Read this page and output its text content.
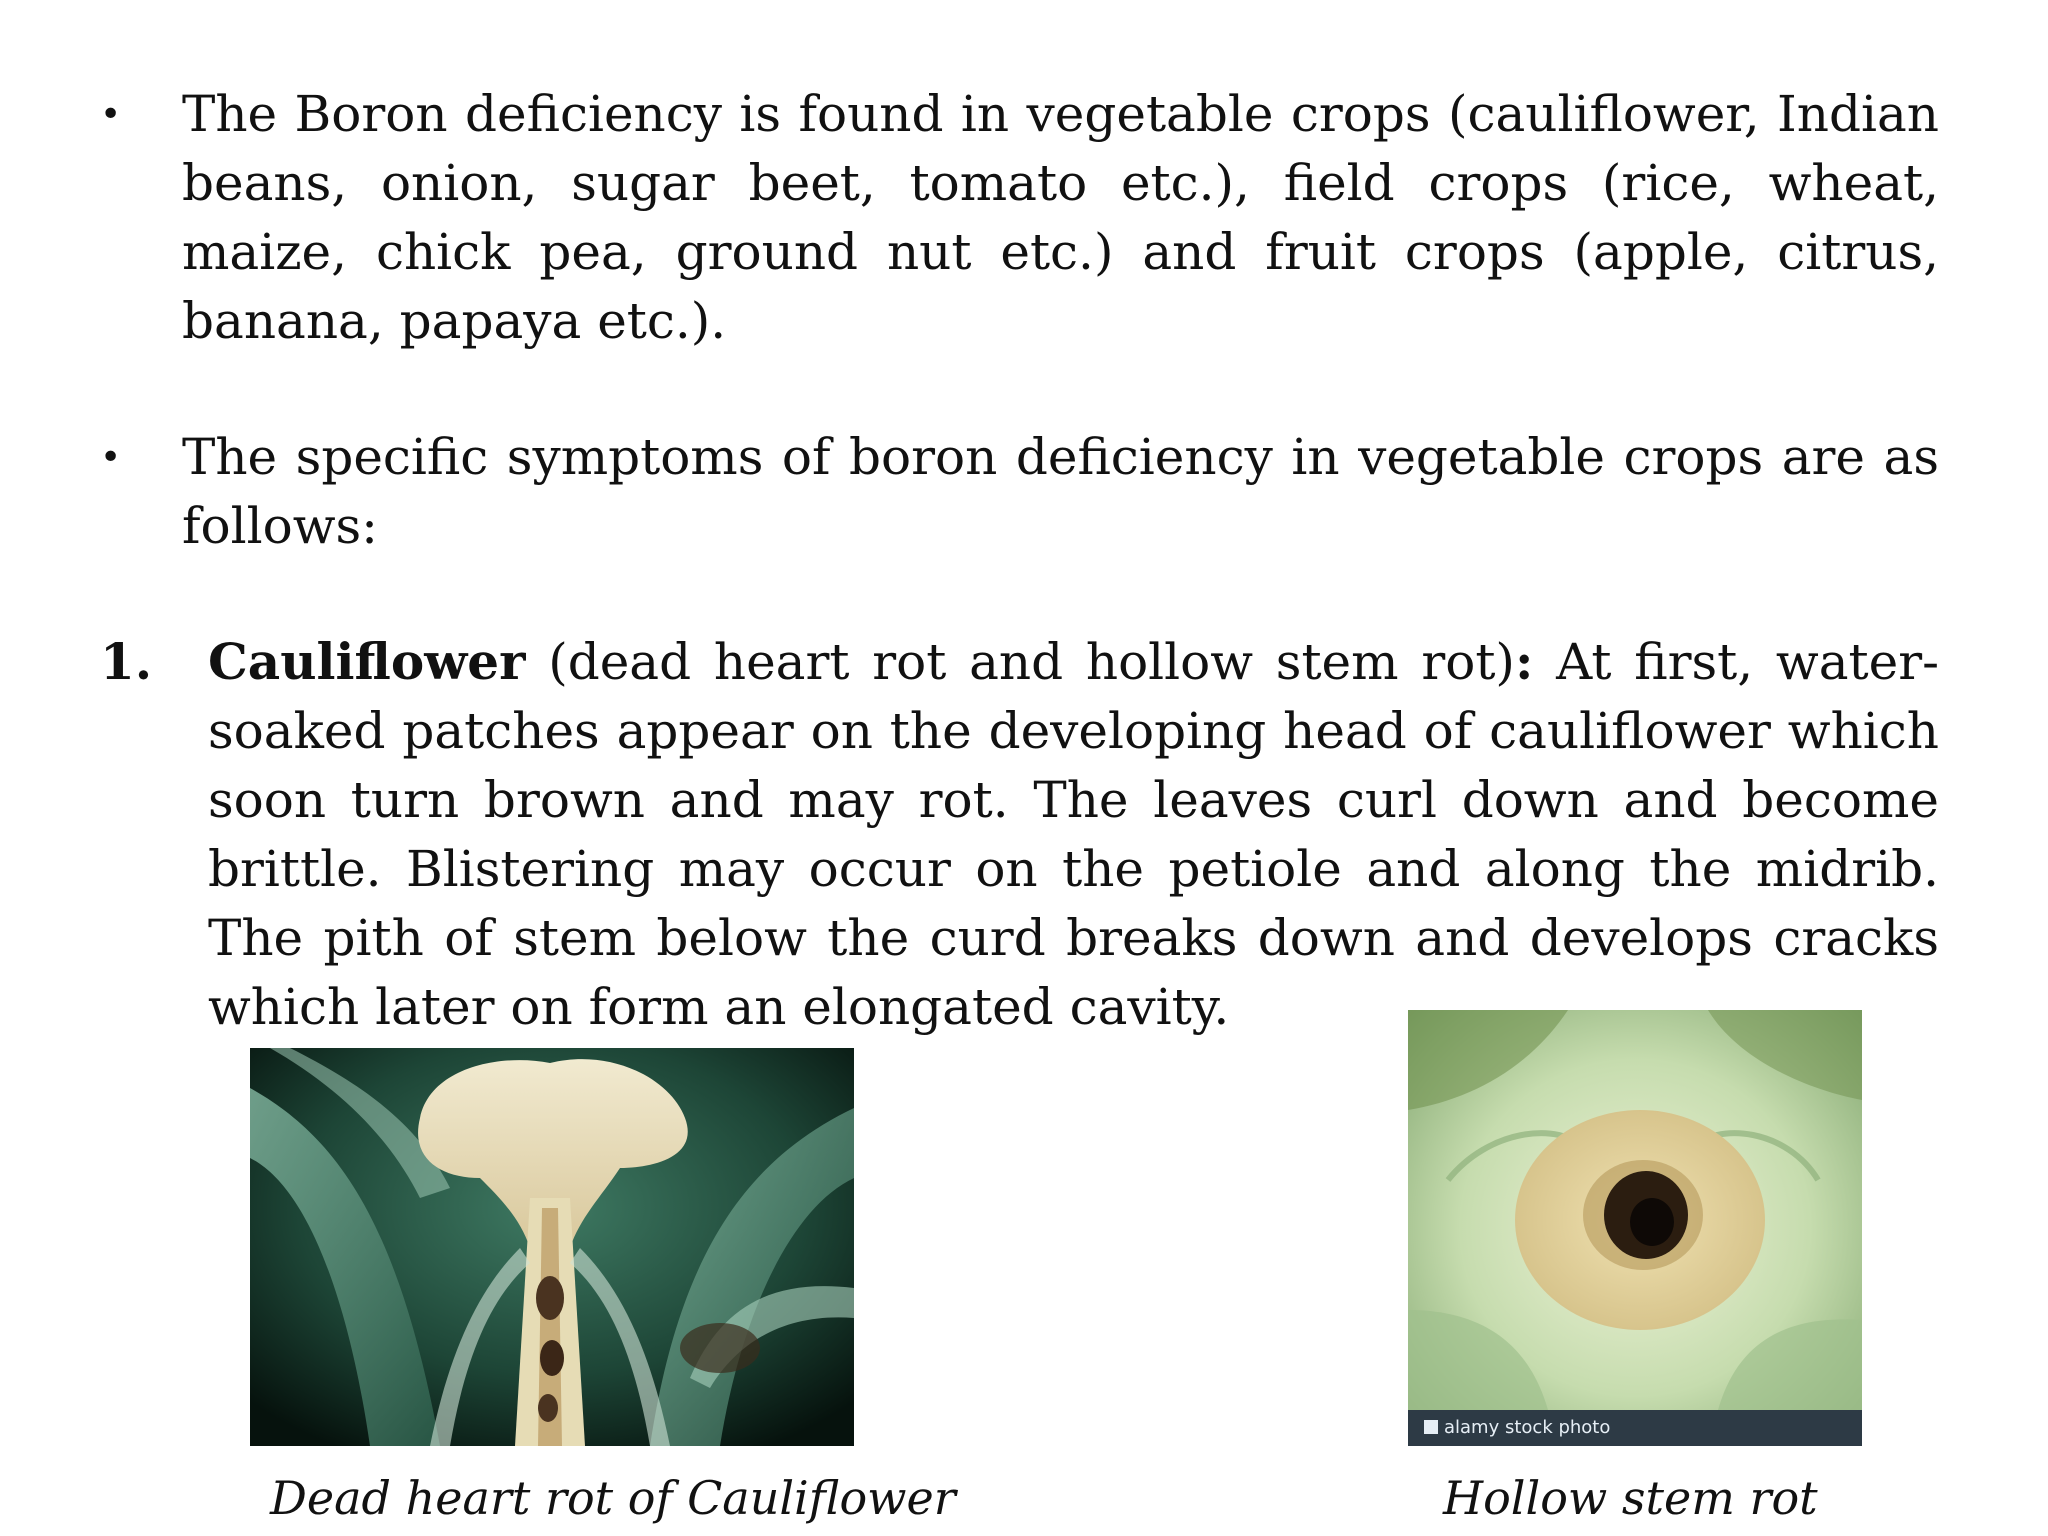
• The Boron deficiency is found in vegetable crops (cauliflower, Indian beans, onion, sugar beet, tomato etc.), field crops (rice, wheat, maize, chick pea, ground nut etc.) and fruit crops (apple, citrus, banana, papaya etc.).
• The specific symptoms of boron deficiency in vegetable crops are as follows:
1. Cauliflower (dead heart rot and hollow stem rot): At first, water-soaked patches appear on the developing head of cauliflower which soon turn brown and may rot. The leaves curl down and become brittle. Blistering may occur on the petiole and along the midrib. The pith of stem below the curd breaks down and develops cracks which later on form an elongated cavity.
alamy stock photo
Dead heart rot of Cauliflower	Hollow stem rot
